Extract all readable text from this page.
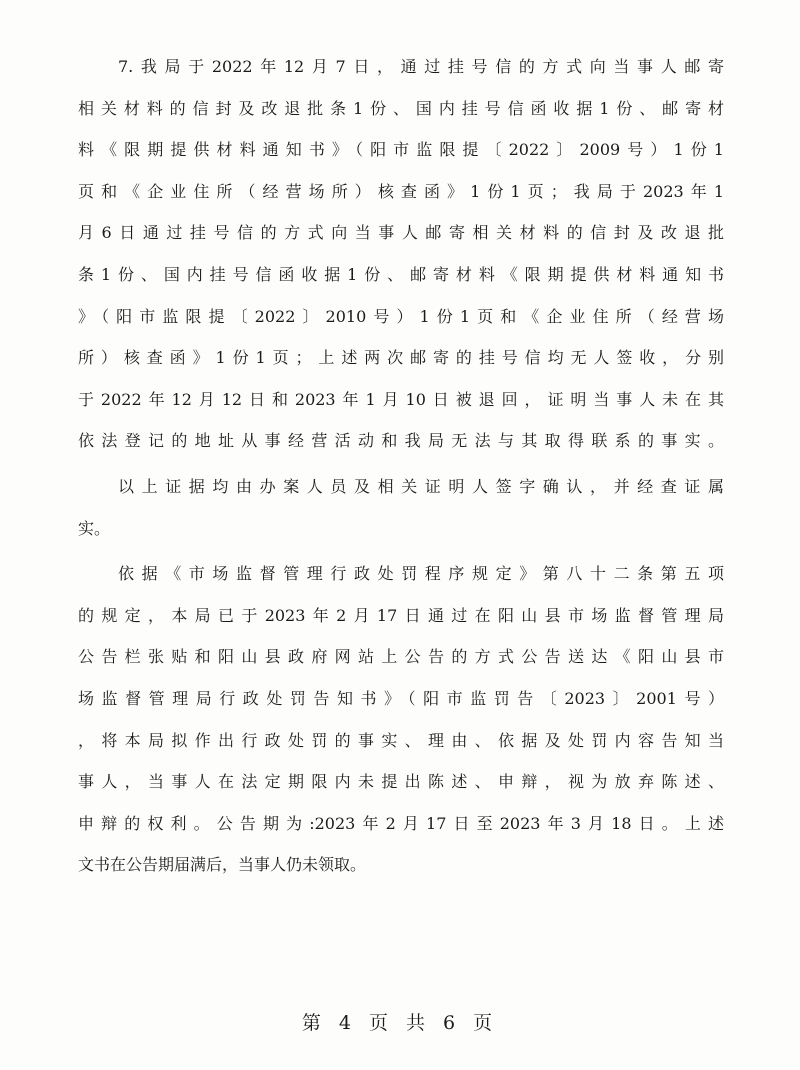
7.我局于2022年12月7日，通过挂号信的方式向当事人邮寄
相关材料的信封及改退批条1份、国内挂号信函收据1份、邮寄材
料《限期提供材料通知书》（阳市监限提〔2022〕2009号）1份1
页和《企业住所（经营场所）核查函》1份1页；我局于2023年1
月6日通过挂号信的方式向当事人邮寄相关材料的信封及改退批
条1份、国内挂号信函收据1份、邮寄材料《限期提供材料通知书
》（阳市监限提〔2022〕2010号）1份1页和《企业住所（经营场
所）核查函》1份1页；上述两次邮寄的挂号信均无人签收，分别
于2022年12月12日和2023年1月10日被退回，证明当事人未在其
依法登记的地址从事经营活动和我局无法与其取得联系的事实。
以上证据均由办案人员及相关证明人签字确认，并经查证属
实。
依据《市场监督管理行政处罚程序规定》第八十二条第五项
的规定，本局已于2023年2月17日通过在阳山县市场监督管理局
公告栏张贴和阳山县政府网站上公告的方式公告送达《阳山县市
场监督管理局行政处罚告知书》（阳市监罚告〔2023〕2001号）
，将本局拟作出行政处罚的事实、理由、依据及处罚内容告知当
事人，当事人在法定期限内未提出陈述、申辩，视为放弃陈述、
申辩的权利。公告期为:2023年2月17日至2023年3月18日。上述
文书在公告期届满后，当事人仍未领取。
第 4 页 共 6 页
